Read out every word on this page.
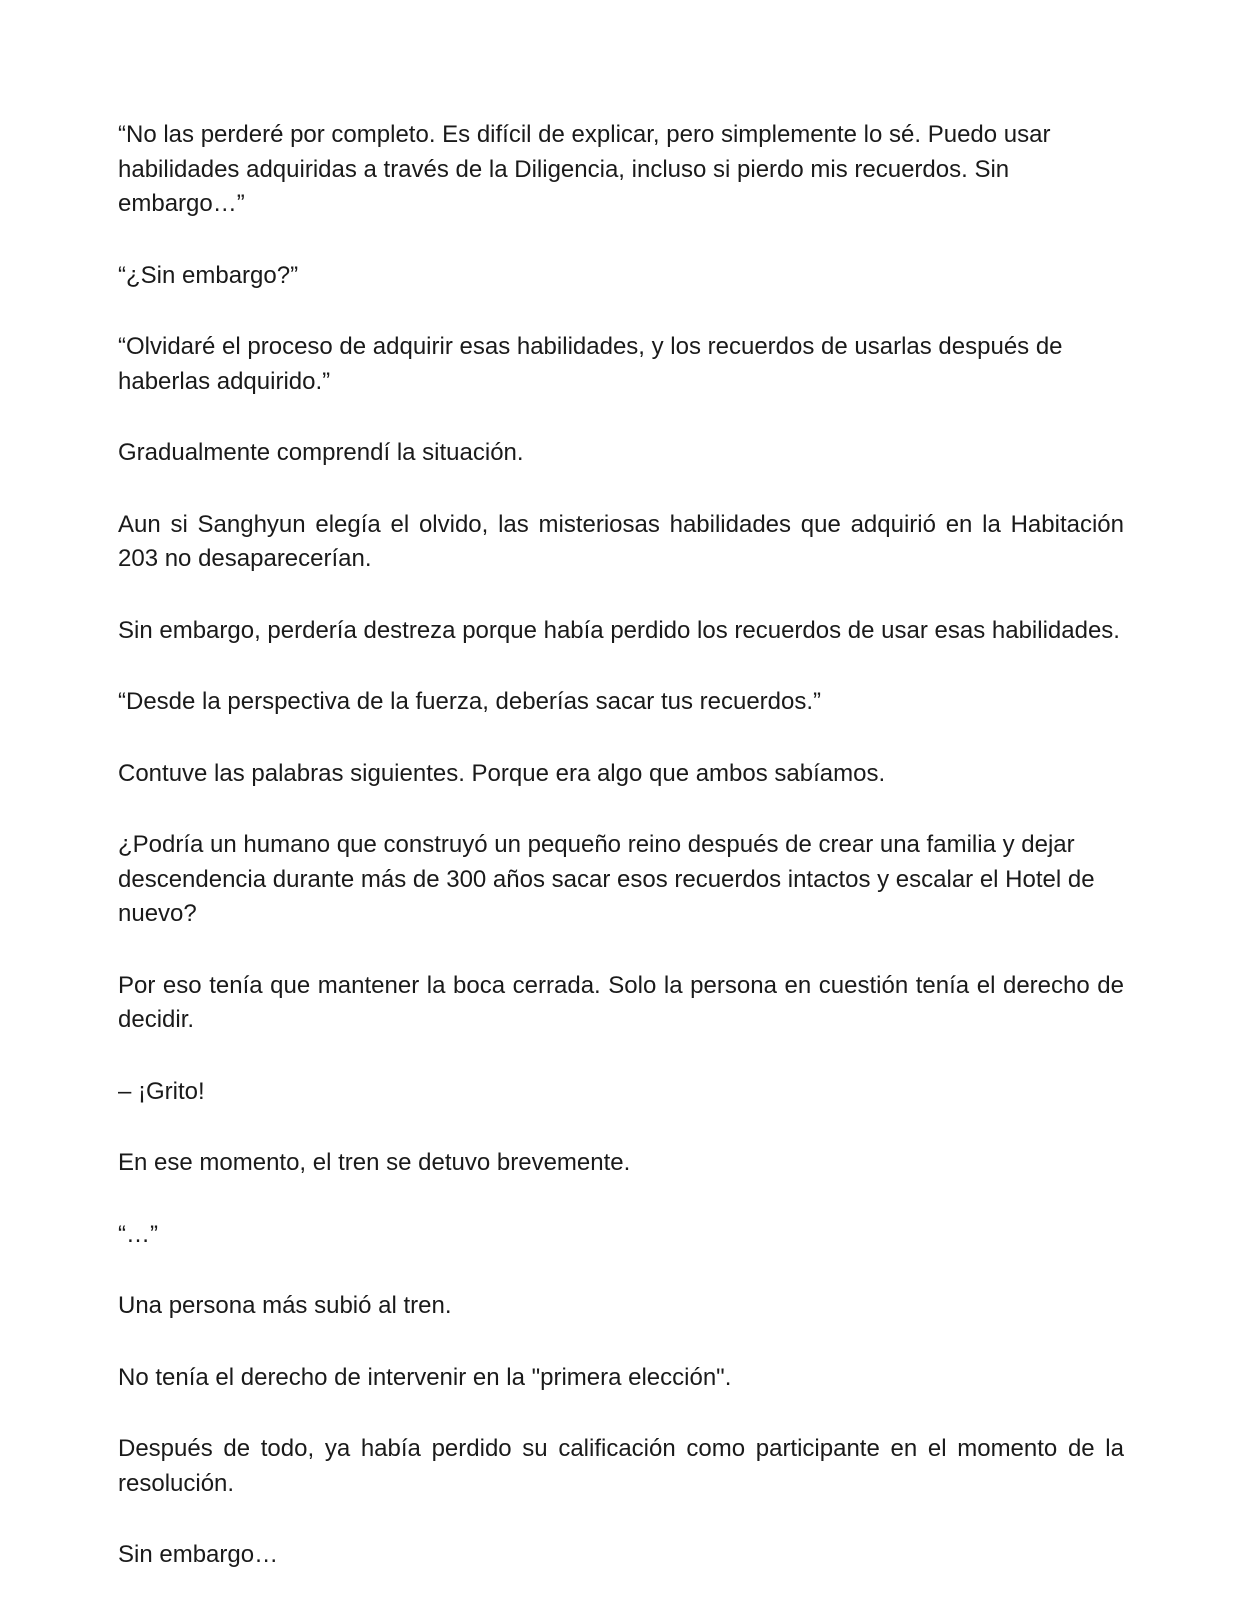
“No las perderé por completo. Es difícil de explicar, pero simplemente lo sé. Puedo usar habilidades adquiridas a través de la Diligencia, incluso si pierdo mis recuerdos. Sin embargo…”

“¿Sin embargo?”

“Olvidaré el proceso de adquirir esas habilidades, y los recuerdos de usarlas después de haberlas adquirido.”

Gradualmente comprendí la situación.

Aun si Sanghyun elegía el olvido, las misteriosas habilidades que adquirió en la Habitación 203 no desaparecerían.

Sin embargo, perdería destreza porque había perdido los recuerdos de usar esas habilidades.

“Desde la perspectiva de la fuerza, deberías sacar tus recuerdos.”

Contuve las palabras siguientes. Porque era algo que ambos sabíamos.

¿Podría un humano que construyó un pequeño reino después de crear una familia y dejar descendencia durante más de 300 años sacar esos recuerdos intactos y escalar el Hotel de nuevo?

Por eso tenía que mantener la boca cerrada. Solo la persona en cuestión tenía el derecho de decidir.

– ¡Grito!

En ese momento, el tren se detuvo brevemente.

“…”

Una persona más subió al tren.

No tenía el derecho de intervenir en la "primera elección".

Después de todo, ya había perdido su calificación como participante en el momento de la resolución.

Sin embargo…
